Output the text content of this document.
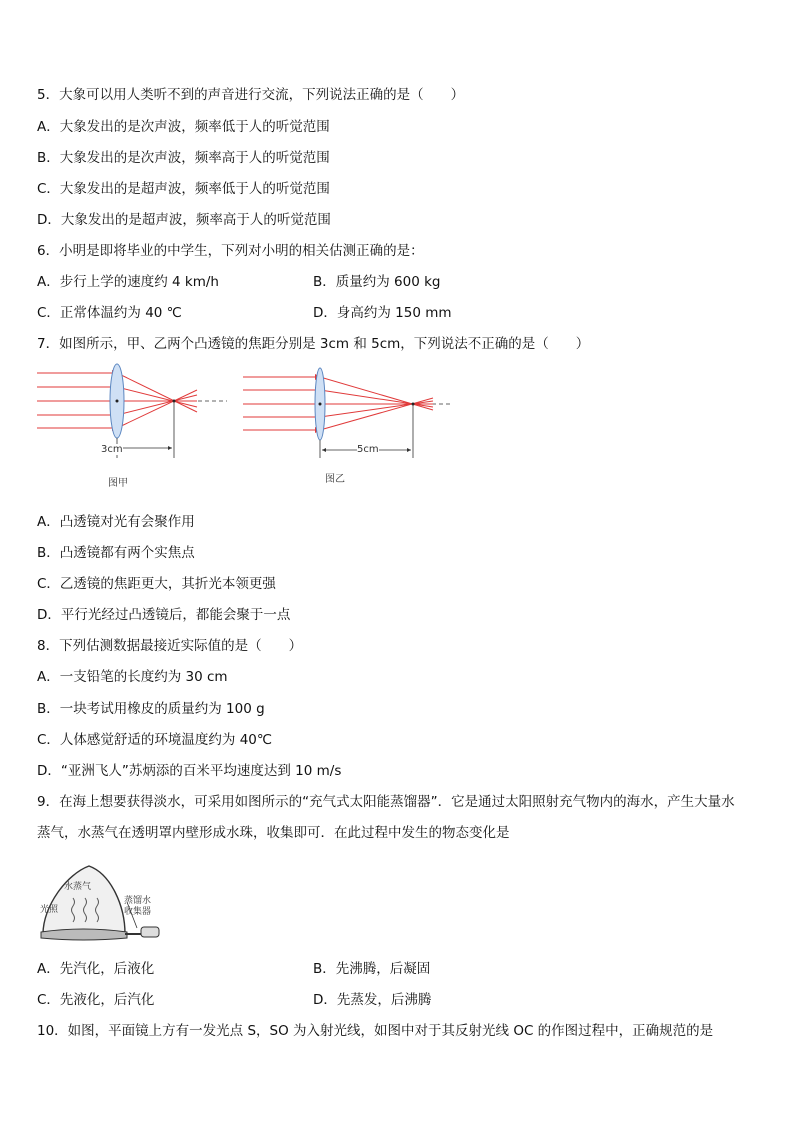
5．大象可以用人类听不到的声音进行交流，下列说法正确的是（　　）
A．大象发出的是次声波，频率低于人的听觉范围
B．大象发出的是次声波，频率高于人的听觉范围
C．大象发出的是超声波，频率低于人的听觉范围
D．大象发出的是超声波，频率高于人的听觉范围
6．小明是即将毕业的中学生，下列对小明的相关估测正确的是：
A．步行上学的速度约 4 km/h	B．质量约为 600 kg
C．正常体温约为 40 ℃	D．身高约为 150 mm
7．如图所示，甲、乙两个凸透镜的焦距分别是 3cm 和 5cm，下列说法不正确的是（　　）
3cm
图甲
5cm
图乙
A．凸透镜对光有会聚作用
B．凸透镜都有两个实焦点
C．乙透镜的焦距更大，其折光本领更强
D．平行光经过凸透镜后，都能会聚于一点
8．下列估测数据最接近实际值的是（　　）
A．一支铅笔的长度约为 30 cm
B．一块考试用橡皮的质量约为 100 g
C．人体感觉舒适的环境温度约为 40℃
D．“亚洲飞人”苏炳添的百米平均速度达到 10 m/s
9．在海上想要获得淡水，可采用如图所示的“充气式太阳能蒸馏器”．它是通过太阳照射充气物内的海水，产生大量水
蒸气，水蒸气在透明罩内壁形成水珠，收集即可．在此过程中发生的物态变化是
水蒸气
光照
蒸馏水
收集器
A．先汽化，后液化	B．先沸腾，后凝固
C．先液化，后汽化	D．先蒸发，后沸腾
10．如图，平面镜上方有一发光点 S，SO 为入射光线，如图中对于其反射光线 OC 的作图过程中，正确规范的是
